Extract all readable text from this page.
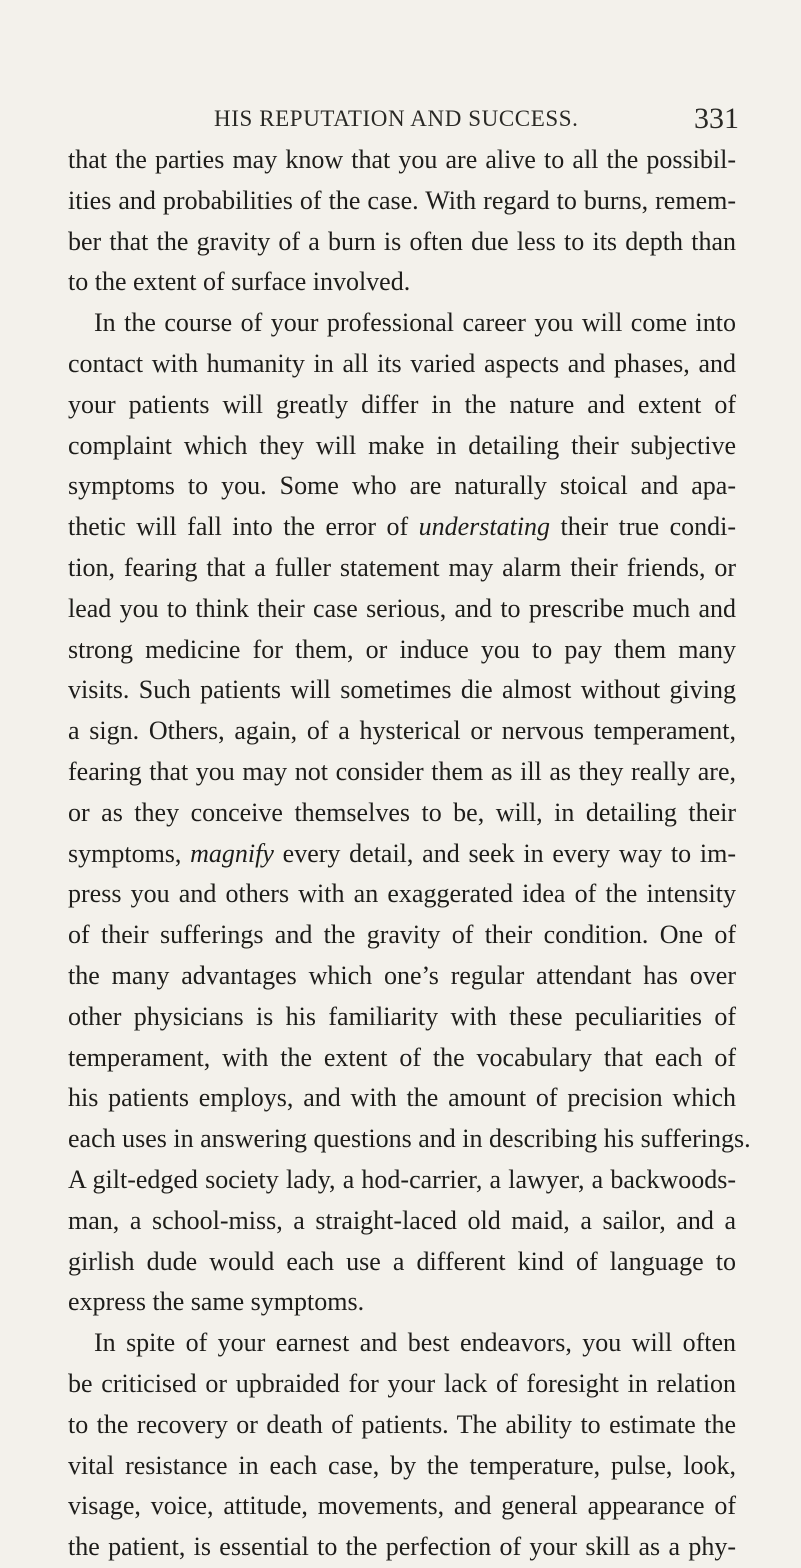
HIS REPUTATION AND SUCCESS.	331
that the parties may know that you are alive to all the possibil-
ities and probabilities of the case. With regard to burns, remem-
ber that the gravity of a burn is often due less to its depth than
to the extent of surface involved.
In the course of your professional career you will come into
contact with humanity in all its varied aspects and phases, and
your patients will greatly differ in the nature and extent of
complaint which they will make in detailing their subjective
symptoms to you. Some who are naturally stoical and apa-
thetic will fall into the error of understating their true condi-
tion, fearing that a fuller statement may alarm their friends, or
lead you to think their case serious, and to prescribe much and
strong medicine for them, or induce you to pay them many
visits. Such patients will sometimes die almost without giving
a sign. Others, again, of a hysterical or nervous temperament,
fearing that you may not consider them as ill as they really are,
or as they conceive themselves to be, will, in detailing their
symptoms, magnify every detail, and seek in every way to im-
press you and others with an exaggerated idea of the intensity
of their sufferings and the gravity of their condition. One of
the many advantages which one’s regular attendant has over
other physicians is his familiarity with these peculiarities of
temperament, with the extent of the vocabulary that each of
his patients employs, and with the amount of precision which
each uses in answering questions and in describing his sufferings.
A gilt-edged society lady, a hod-carrier, a lawyer, a backwoods-
man, a school-miss, a straight-laced old maid, a sailor, and a
girlish dude would each use a different kind of language to
express the same symptoms.
In spite of your earnest and best endeavors, you will often
be criticised or upbraided for your lack of foresight in relation
to the recovery or death of patients. The ability to estimate the
vital resistance in each case, by the temperature, pulse, look,
visage, voice, attitude, movements, and general appearance of
the patient, is essential to the perfection of your skill as a phy-
